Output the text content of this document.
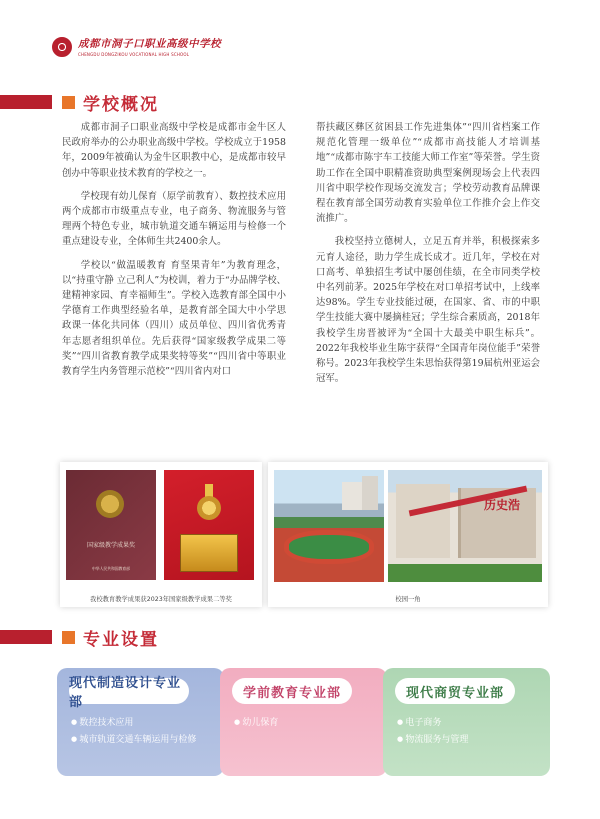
成都市洞子口职业高级中学校
CHENGDU DONGZIKOU VOCATIONAL HIGH SCHOOL
学校概况

成都市洞子口职业高级中学校是成都市金牛区人民政府举办的公办职业高级中学校。学校成立于1958年，2009年被确认为金牛区职教中心，是成都市较早创办中等职业技术教育的学校之一。

学校现有幼儿保育（原学前教育）、数控技术应用两个成都市市级重点专业，电子商务、物流服务与管理两个特色专业，城市轨道交通车辆运用与检修一个重点建设专业，全体师生共2400余人。

学校以“做温暖教育 育坚果青年”为教育理念，以“持重守静 立己利人”为校训，着力于“办品牌学校、建精神家园、育幸福师生”。学校入选教育部全国中小学德育工作典型经验名单，是教育部全国大中小学思政课一体化共同体（四川）成员单位、四川省优秀青年志愿者组织单位。先后获得“国家级教学成果二等奖”“四川省教育教学成果奖特等奖”“四川省中等职业教育学生内务管理示范校”“四川省内对口

帮扶藏区彝区贫困县工作先进集体”“四川省档案工作规范化管理一级单位”“成都市高技能人才培训基地”“成都市陈宇车工技能大师工作室”等荣誉。学生资助工作在全国中职精准资助典型案例现场会上代表四川省中职学校作现场交流发言；学校劳动教育品牌课程在教育部全国劳动教育实验单位工作推介会上作交流推广。

我校坚持立德树人，立足五育并举，积极探索多元育人途径，助力学生成长成才。近几年，学校在对口高考、单独招生考试中屡创佳绩，在全市同类学校中名列前茅。2025年学校在对口单招考试中，上线率达98%。学生专业技能过硬，在国家、省、市的中职学生技能大赛中屡摘桂冠；学生综合素质高，2018年我校学生房晋被评为“全国十大最美中职生标兵”。2022年我校毕业生陈宇获得“全国青年岗位能手”荣誉称号。2023年我校学生朱思怡获得第19届杭州亚运会冠军。

国家级教学成果奖
中华人民共和国教育部
我校教育教学成果获2023年国家级教学成果二等奖
历史浩
校园一角
专业设置
现代制造设计专业部
● 数控技术应用
● 城市轨道交通车辆运用与检修
学前教育专业部
● 幼儿保育
现代商贸专业部
● 电子商务
● 物流服务与管理
